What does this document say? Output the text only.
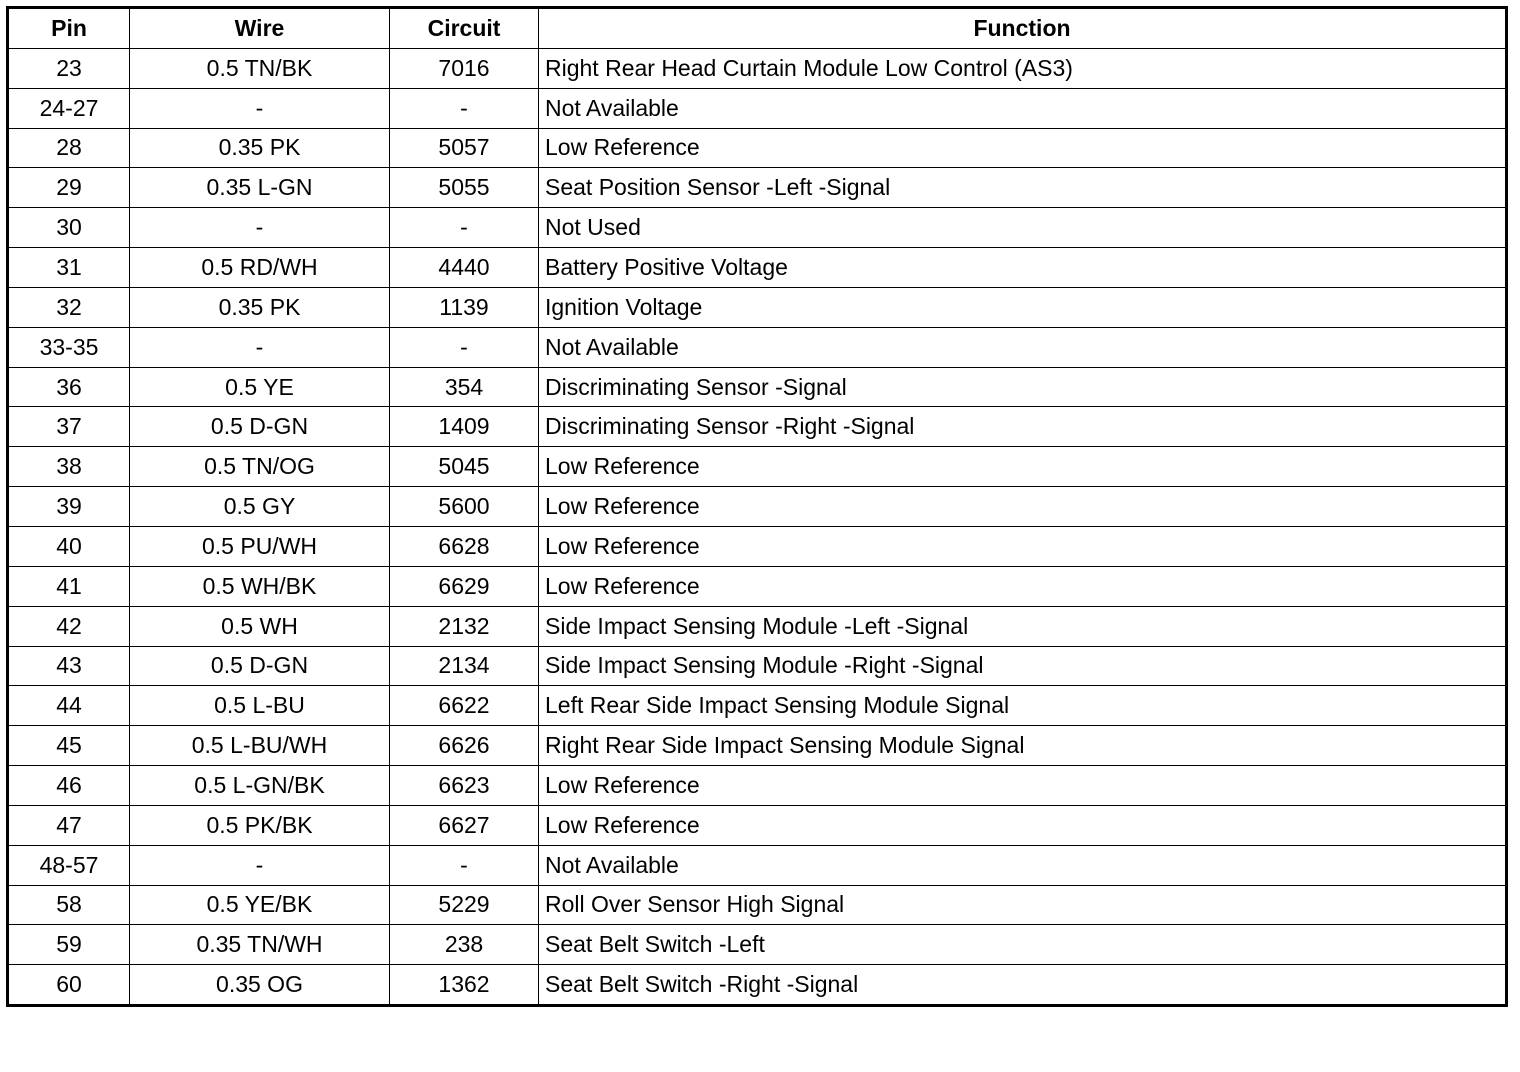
Pin	Wire	Circuit	Function
23	0.5 TN/BK	7016	Right Rear Head Curtain Module Low Control (AS3)
24-27	-	-	Not Available
28	0.35 PK	5057	Low Reference
29	0.35 L-GN	5055	Seat Position Sensor -Left -Signal
30	-	-	Not Used
31	0.5 RD/WH	4440	Battery Positive Voltage
32	0.35 PK	1139	Ignition Voltage
33-35	-	-	Not Available
36	0.5 YE	354	Discriminating Sensor -Signal
37	0.5 D-GN	1409	Discriminating Sensor -Right -Signal
38	0.5 TN/OG	5045	Low Reference
39	0.5 GY	5600	Low Reference
40	0.5 PU/WH	6628	Low Reference
41	0.5 WH/BK	6629	Low Reference
42	0.5 WH	2132	Side Impact Sensing Module -Left -Signal
43	0.5 D-GN	2134	Side Impact Sensing Module -Right -Signal
44	0.5 L-BU	6622	Left Rear Side Impact Sensing Module Signal
45	0.5 L-BU/WH	6626	Right Rear Side Impact Sensing Module Signal
46	0.5 L-GN/BK	6623	Low Reference
47	0.5 PK/BK	6627	Low Reference
48-57	-	-	Not Available
58	0.5 YE/BK	5229	Roll Over Sensor High Signal
59	0.35 TN/WH	238	Seat Belt Switch -Left
60	0.35 OG	1362	Seat Belt Switch -Right -Signal
